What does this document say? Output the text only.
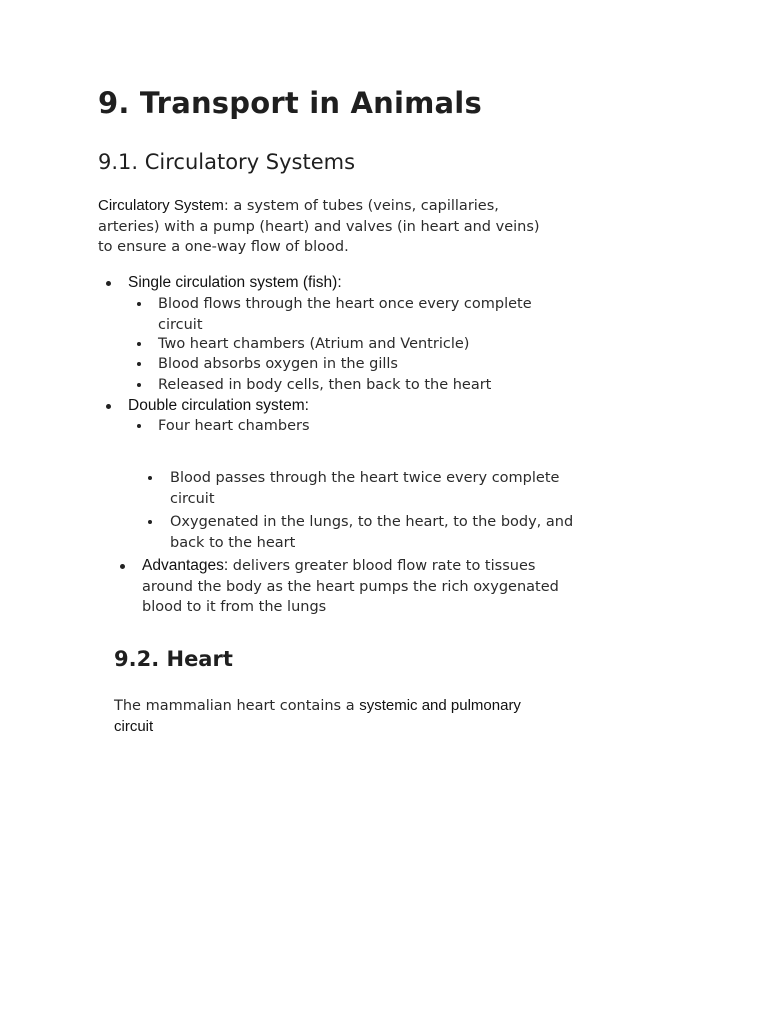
9. Transport in Animals
9.1. Circulatory Systems
Circulatory System: a system of tubes (veins, capillaries,
arteries) with a pump (heart) and valves (in heart and veins)
to ensure a one-way flow of blood.
Single circulation system (fish):
Blood flows through the heart once every complete
circuit
Two heart chambers (Atrium and Ventricle)
Blood absorbs oxygen in the gills
Released in body cells, then back to the heart
Double circulation system:
Four heart chambers
Blood passes through the heart twice every complete
circuit
Oxygenated in the lungs, to the heart, to the body, and
back to the heart
Advantages: delivers greater blood flow rate to tissues
around the body as the heart pumps the rich oxygenated
blood to it from the lungs
9.2. Heart
The mammalian heart contains a systemic and pulmonary
circuit
